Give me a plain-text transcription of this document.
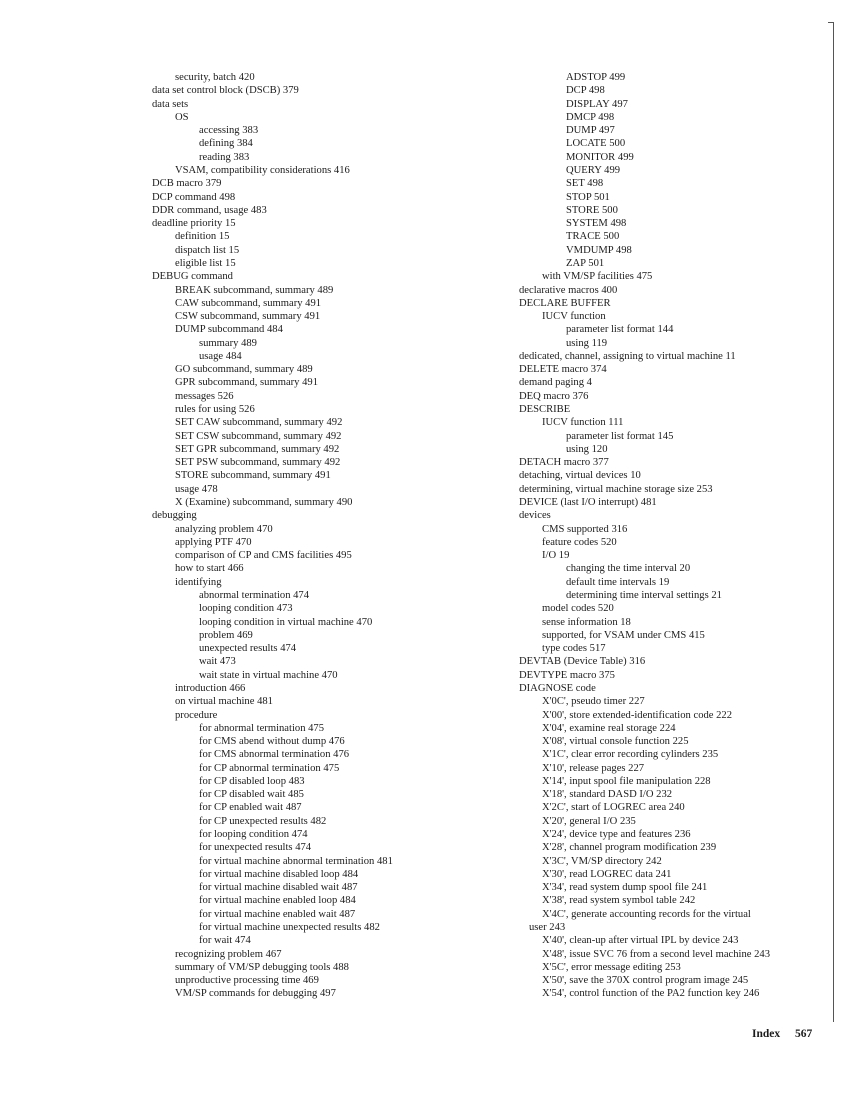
security, batch 420
data set control block (DSCB) 379
data sets
OS
accessing 383
defining 384
reading 383
VSAM, compatibility considerations 416
DCB macro 379
DCP command 498
DDR command, usage 483
deadline priority 15
definition 15
dispatch list 15
eligible list 15
DEBUG command
BREAK subcommand, summary 489
CAW subcommand, summary 491
CSW subcommand, summary 491
DUMP subcommand 484
summary 489
usage 484
GO subcommand, summary 489
GPR subcommand, summary 491
messages 526
rules for using 526
SET CAW subcommand, summary 492
SET CSW subcommand, summary 492
SET GPR subcommand, summary 492
SET PSW subcommand, summary 492
STORE subcommand, summary 491
usage 478
X (Examine) subcommand, summary 490
debugging
analyzing problem 470
applying PTF 470
comparison of CP and CMS facilities 495
how to start 466
identifying
abnormal termination 474
looping condition 473
looping condition in virtual machine 470
problem 469
unexpected results 474
wait 473
wait state in virtual machine 470
introduction 466
on virtual machine 481
procedure
for abnormal termination 475
for CMS abend without dump 476
for CMS abnormal termination 476
for CP abnormal termination 475
for CP disabled loop 483
for CP disabled wait 485
for CP enabled wait 487
for CP unexpected results 482
for looping condition 474
for unexpected results 474
for virtual machine abnormal termination 481
for virtual machine disabled loop 484
for virtual machine disabled wait 487
for virtual machine enabled loop 484
for virtual machine enabled wait 487
for virtual machine unexpected results 482
for wait 474
recognizing problem 467
summary of VM/SP debugging tools 488
unproductive processing time 469
VM/SP commands for debugging 497
ADSTOP 499
DCP 498
DISPLAY 497
DMCP 498
DUMP 497
LOCATE 500
MONITOR 499
QUERY 499
SET 498
STOP 501
STORE 500
SYSTEM 498
TRACE 500
VMDUMP 498
ZAP 501
with VM/SP facilities 475
declarative macros 400
DECLARE BUFFER
IUCV function
parameter list format 144
using 119
dedicated, channel, assigning to virtual machine 11
DELETE macro 374
demand paging 4
DEQ macro 376
DESCRIBE
IUCV function 111
parameter list format 145
using 120
DETACH macro 377
detaching, virtual devices 10
determining, virtual machine storage size 253
DEVICE (last I/O interrupt) 481
devices
CMS supported 316
feature codes 520
I/O 19
changing the time interval 20
default time intervals 19
determining time interval settings 21
model codes 520
sense information 18
supported, for VSAM under CMS 415
type codes 517
DEVTAB (Device Table) 316
DEVTYPE macro 375
DIAGNOSE code
X'0C', pseudo timer 227
X'00', store extended-identification code 222
X'04', examine real storage 224
X'08', virtual console function 225
X'1C', clear error recording cylinders 235
X'10', release pages 227
X'14', input spool file manipulation 228
X'18', standard DASD I/O 232
X'2C', start of LOGREC area 240
X'20', general I/O 235
X'24', device type and features 236
X'28', channel program modification 239
X'3C', VM/SP directory 242
X'30', read LOGREC data 241
X'34', read system dump spool file 241
X'38', read system symbol table 242
X'4C', generate accounting records for the virtual
user 243
X'40', clean-up after virtual IPL by device 243
X'48', issue SVC 76 from a second level machine 243
X'5C', error message editing 253
X'50', save the 370X control program image 245
X'54', control function of the PA2 function key 246
Index 567
